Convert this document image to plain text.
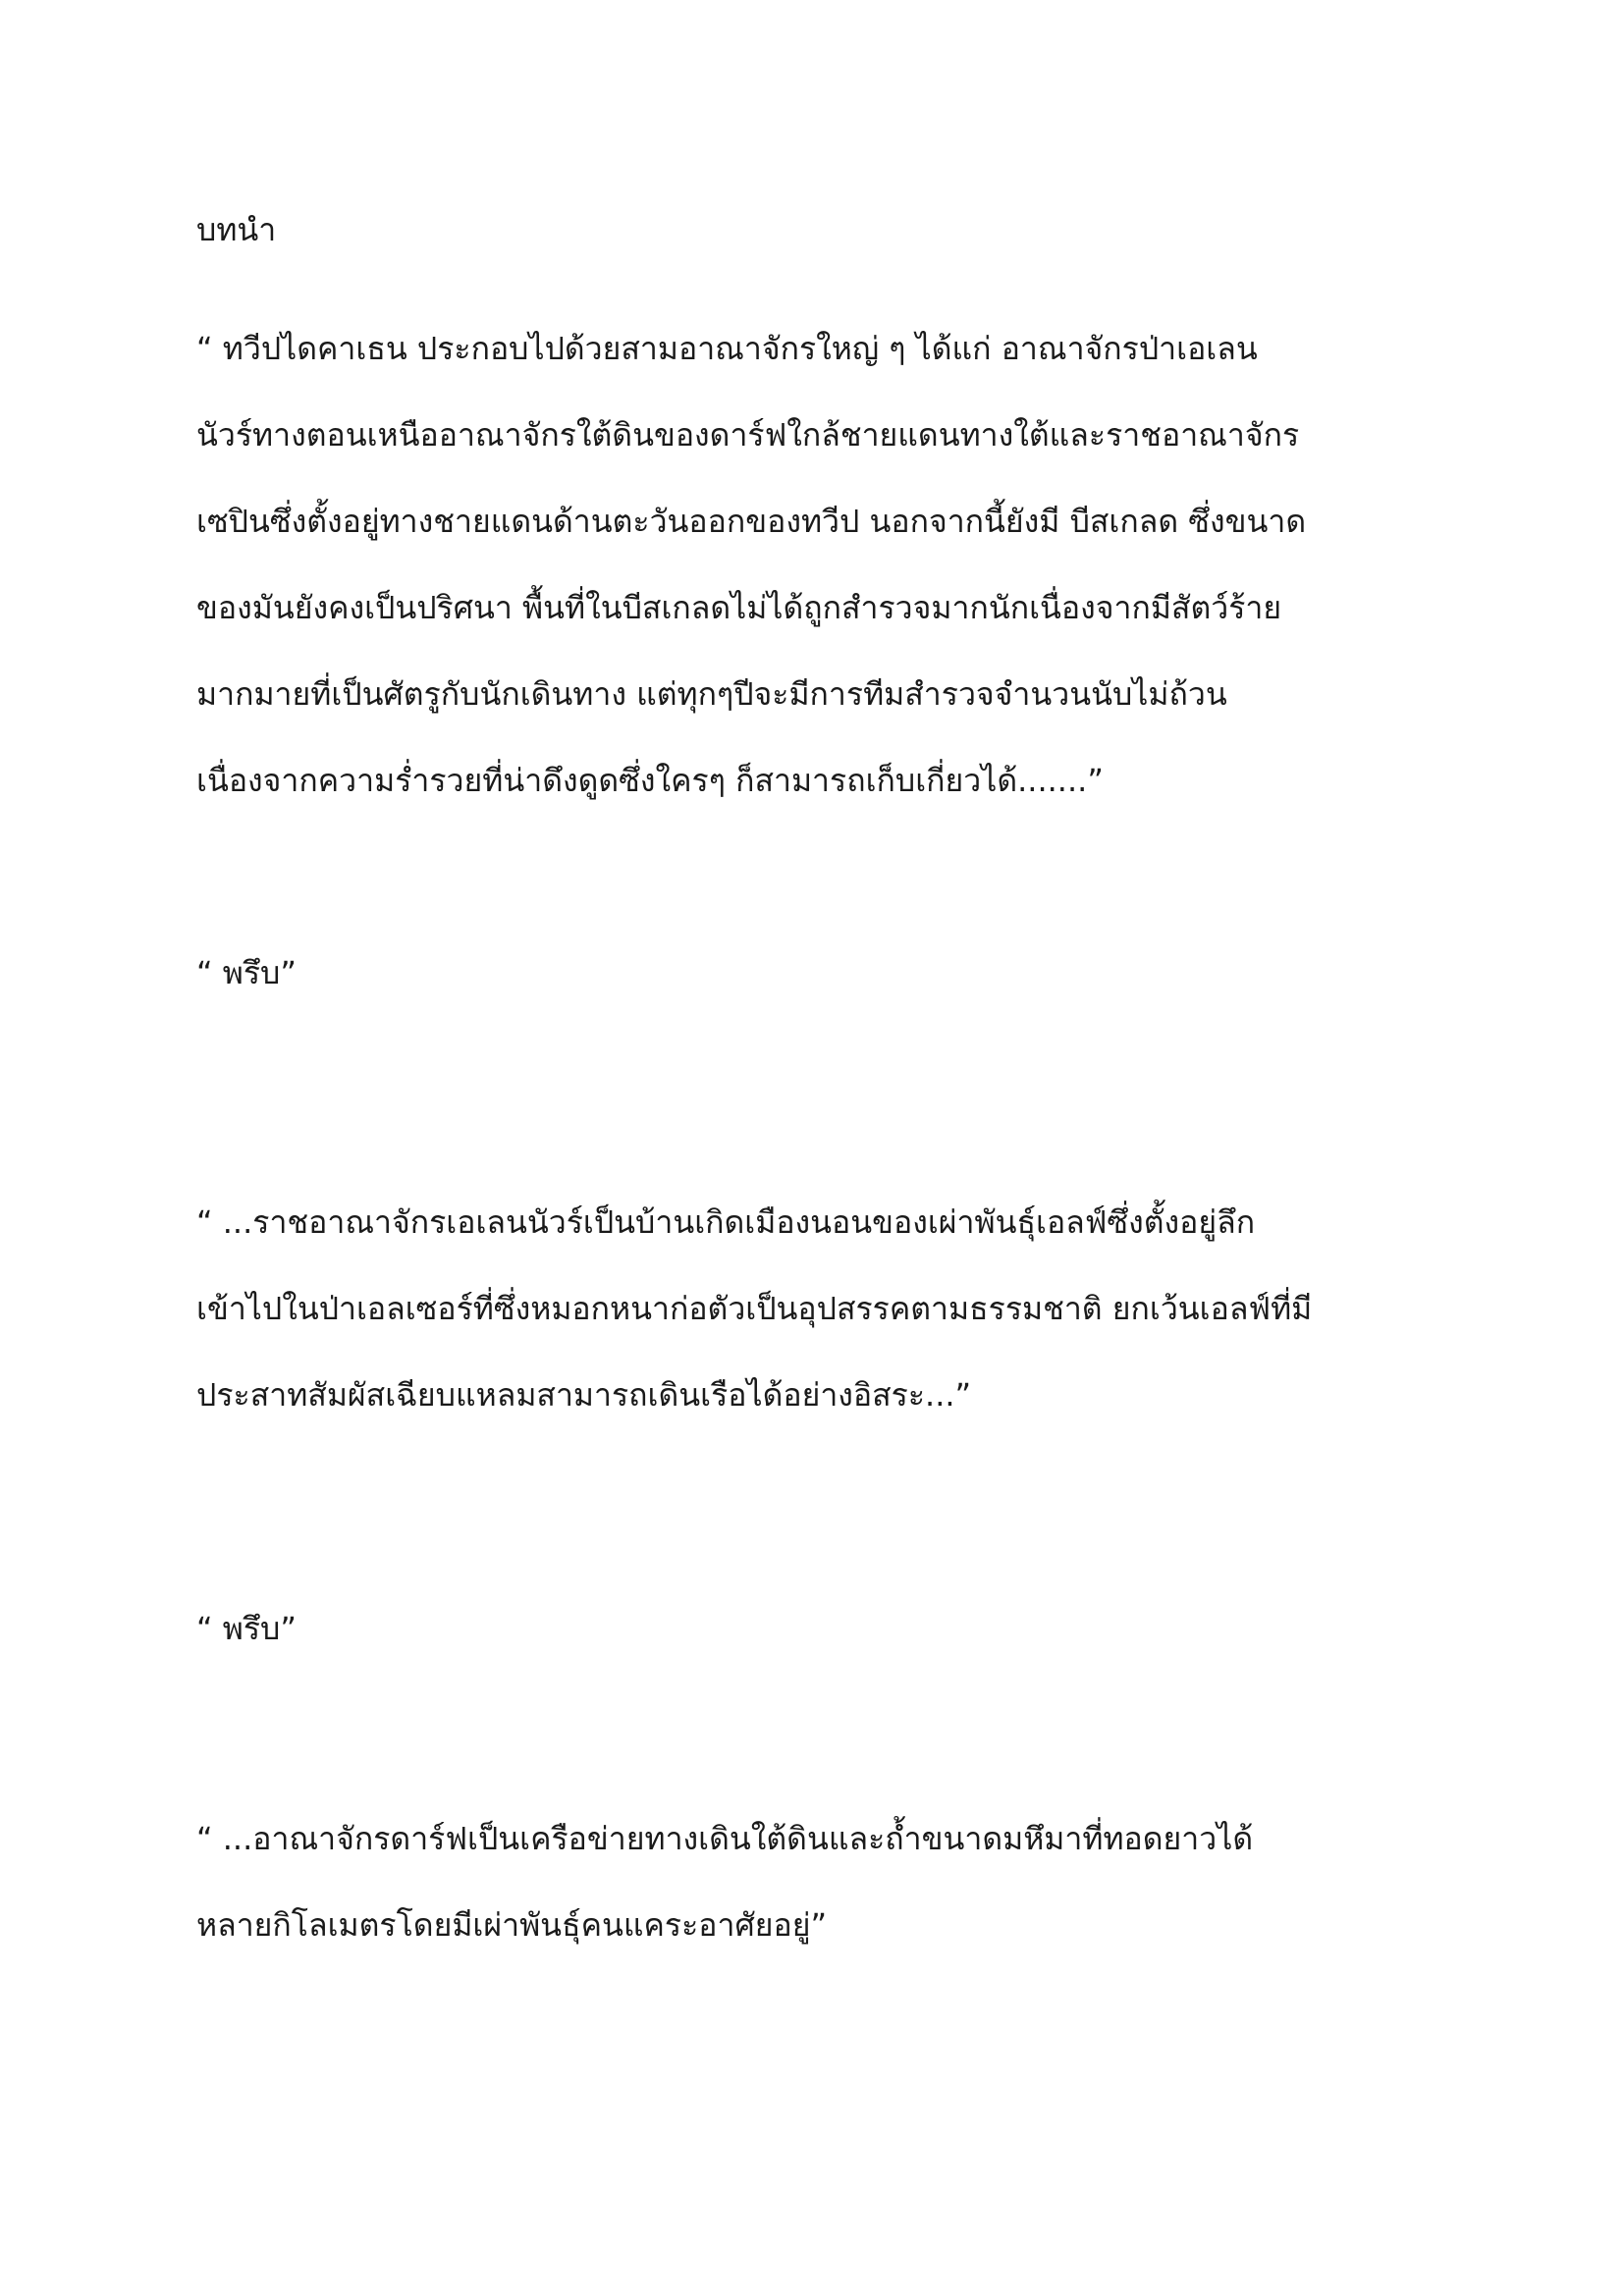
บทนำ
“ ทวีปไดคาเธน ประกอบไปด้วยสามอาณาจักรใหญ่ ๆ ได้แก่ อาณาจักรป่าเอเลน
นัวร์ทางตอนเหนืออาณาจักรใต้ดินของดาร์ฟใกล้ชายแดนทางใต้และราชอาณาจักร
เซปินซึ่งตั้งอยู่ทางชายแดนด้านตะวันออกของทวีป นอกจากนี้ยังมี บีสเกลด ซึ่งขนาด
ของมันยังคงเป็นปริศนา พื้นที่ในบีสเกลดไม่ได้ถูกสำรวจมากนักเนื่องจากมีสัตว์ร้าย
มากมายที่เป็นศัตรูกับนักเดินทาง แต่ทุกๆปีจะมีการทีมสำรวจจำนวนนับไม่ถ้วน
เนื่องจากความร่ำรวยที่น่าดึงดูดซึ่งใครๆ ก็สามารถเก็บเกี่ยวได้.......”
“ พรึบ”
“ ...ราชอาณาจักรเอเลนนัวร์เป็นบ้านเกิดเมืองนอนของเผ่าพันธุ์เอลฟ์ซึ่งตั้งอยู่ลึก
เข้าไปในป่าเอลเซอร์ที่ซึ่งหมอกหนาก่อตัวเป็นอุปสรรคตามธรรมชาติ ยกเว้นเอลฟ์ที่มี
ประสาทสัมผัสเฉียบแหลมสามารถเดินเรือได้อย่างอิสระ...”
“ พรึบ”
“ ...อาณาจักรดาร์ฟเป็นเครือข่ายทางเดินใต้ดินและถ้ำขนาดมหึมาที่ทอดยาวได้
หลายกิโลเมตรโดยมีเผ่าพันธุ์คนแคระอาศัยอยู่”
